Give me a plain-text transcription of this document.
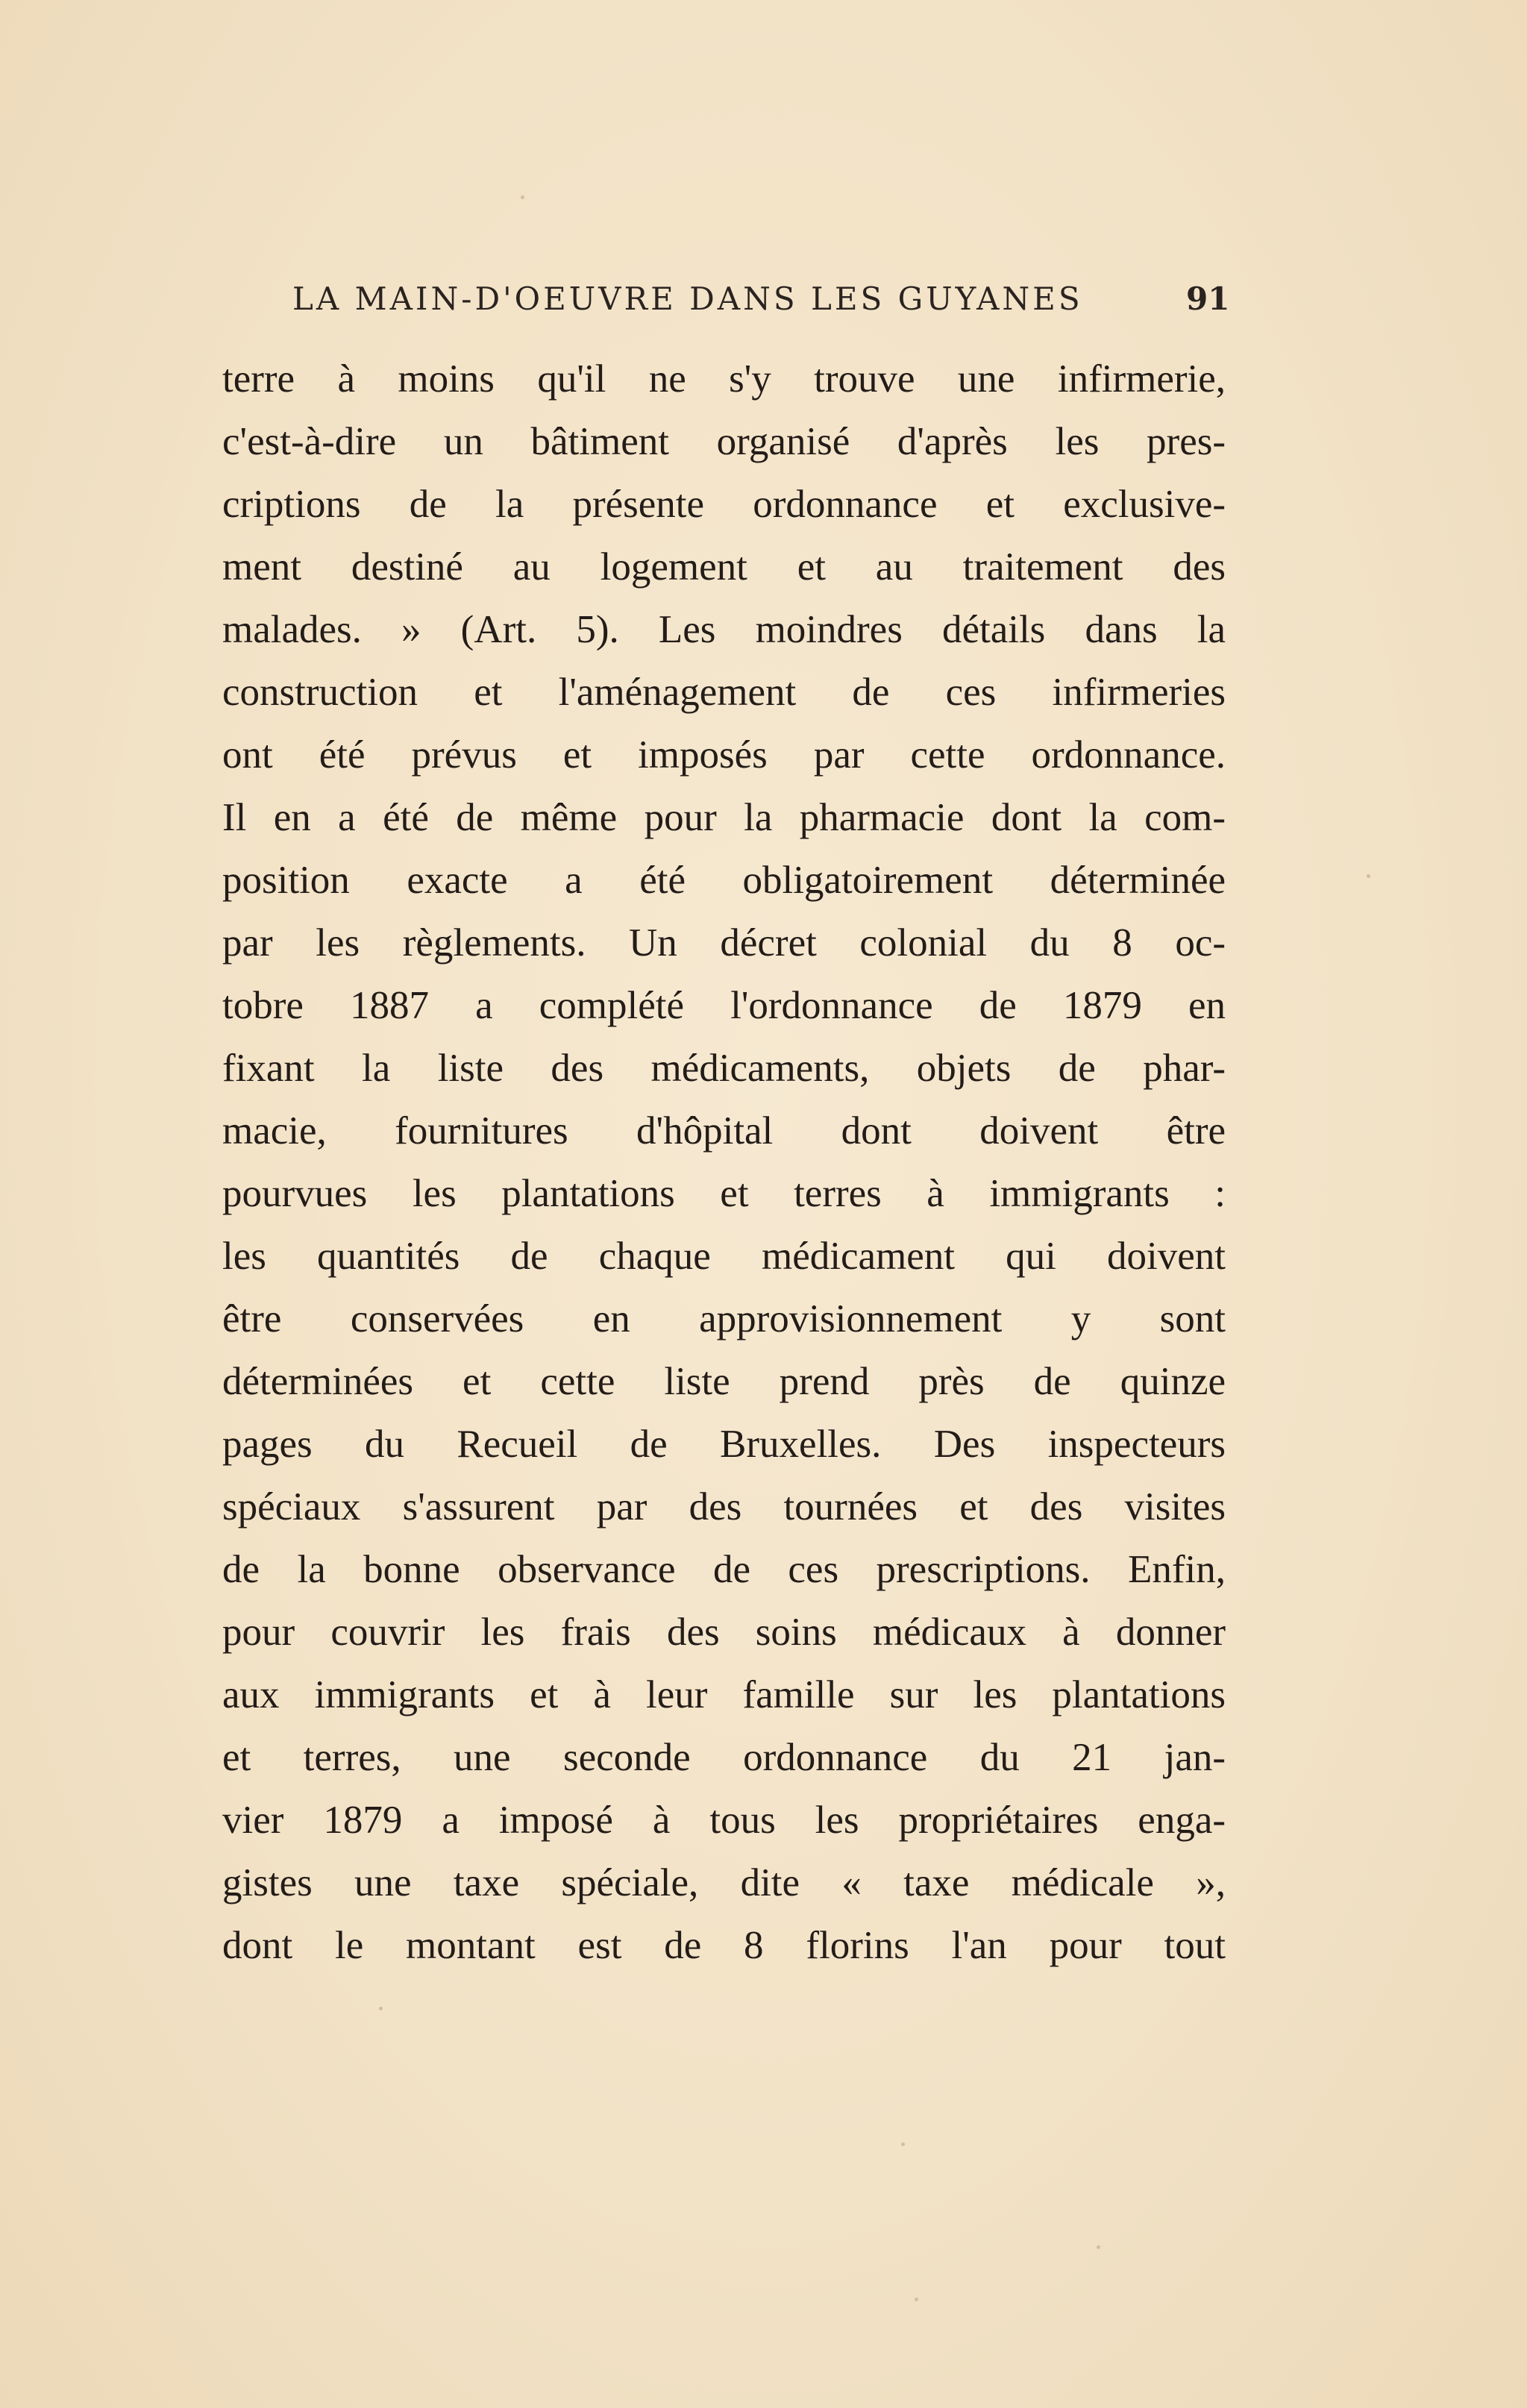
LA MAIN-D'OEUVRE DANS LES GUYANES	91
terre à moins qu'il ne s'y trouve une infirmerie,
c'est-à-dire un bâtiment organisé d'après les pres-
criptions de la présente ordonnance et exclusive-
ment destiné au logement et au traitement des
malades. » (Art. 5). Les moindres détails dans la
construction et l'aménagement de ces infirmeries
ont été prévus et imposés par cette ordonnance.
Il en a été de même pour la pharmacie dont la com-
position exacte a été obligatoirement déterminée
par les règlements. Un décret colonial du 8 oc-
tobre 1887 a complété l'ordonnance de 1879 en
fixant la liste des médicaments, objets de phar-
macie, fournitures d'hôpital dont doivent être
pourvues les plantations et terres à immigrants :
les quantités de chaque médicament qui doivent
être conservées en approvisionnement y sont
déterminées et cette liste prend près de quinze
pages du Recueil de Bruxelles. Des inspecteurs
spéciaux s'assurent par des tournées et des visites
de la bonne observance de ces prescriptions. Enfin,
pour couvrir les frais des soins médicaux à donner
aux immigrants et à leur famille sur les plantations
et terres, une seconde ordonnance du 21 jan-
vier 1879 a imposé à tous les propriétaires enga-
gistes une taxe spéciale, dite « taxe médicale »,
dont le montant est de 8 florins l'an pour tout
